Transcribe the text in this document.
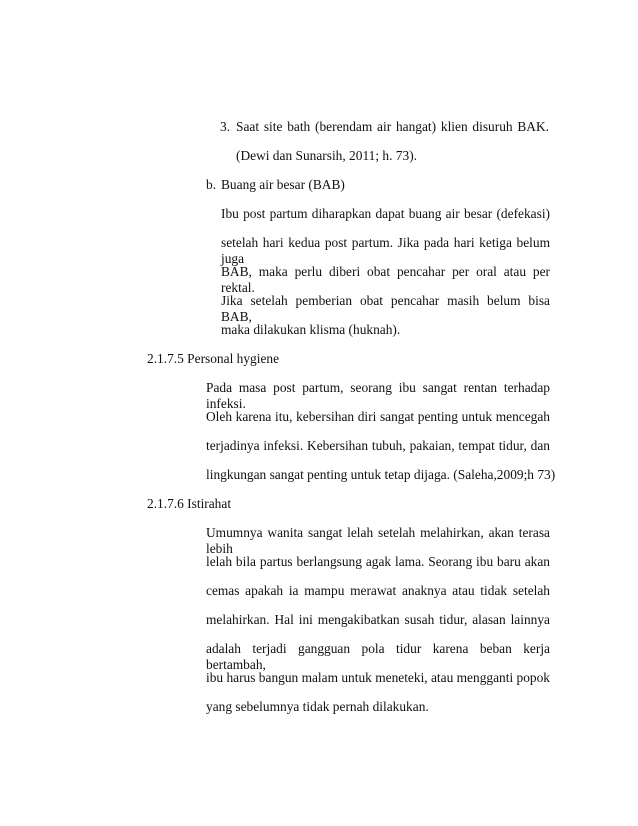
3. Saat site bath (berendam air hangat) klien disuruh BAK.
(Dewi dan Sunarsih, 2011; h. 73).
b. Buang air besar (BAB)
Ibu post partum diharapkan dapat buang air besar (defekasi)
setelah hari kedua post partum. Jika pada hari ketiga belum juga
BAB, maka perlu diberi obat pencahar per oral atau per rektal.
Jika setelah pemberian obat pencahar masih belum bisa BAB,
maka dilakukan klisma (huknah).
2.1.7.5 Personal hygiene
Pada masa post partum, seorang ibu sangat rentan terhadap infeksi.
Oleh karena itu, kebersihan diri sangat penting untuk mencegah
terjadinya infeksi. Kebersihan tubuh, pakaian, tempat tidur, dan
lingkungan sangat penting untuk tetap dijaga. (Saleha,2009;h 73)
2.1.7.6 Istirahat
Umumnya wanita sangat lelah setelah melahirkan, akan terasa lebih
lelah bila partus berlangsung agak lama. Seorang ibu baru akan
cemas apakah ia mampu merawat anaknya atau tidak setelah
melahirkan. Hal ini mengakibatkan susah tidur, alasan lainnya
adalah terjadi gangguan pola tidur karena beban kerja bertambah,
ibu harus bangun malam untuk meneteki, atau mengganti popok
yang sebelumnya tidak pernah dilakukan.
